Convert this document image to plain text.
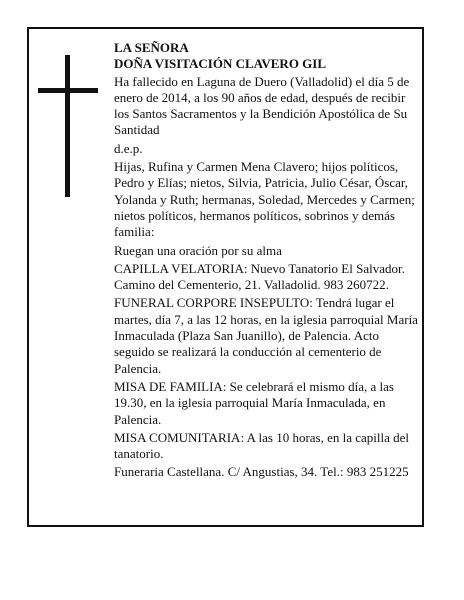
LA SEÑORA

DOÑA VISITACIÓN CLAVERO GIL

Ha fallecido en Laguna de Duero (Valladolid) el día 5 de enero de 2014, a los 90 años de edad, después de recibir los Santos Sacramentos y la Bendición Apostólica de Su Santidad

d.e.p.

Hijas, Rufina y Carmen Mena Clavero; hijos políticos, Pedro y Elías; nietos, Silvia, Patricia, Julio César, Óscar, Yolanda y Ruth; hermanas, Soledad, Mercedes y Carmen; nietos políticos, hermanos políticos, sobrinos y demás familia:

Ruegan una oración por su alma

CAPILLA VELATORIA: Nuevo Tanatorio El Salvador. Camino del Cementerio, 21. Valladolid. 983 260722.

FUNERAL CORPORE INSEPULTO: Tendrá lugar el martes, día 7, a las 12 horas, en la iglesia parroquial María Inmaculada (Plaza San Juanillo), de Palencia. Acto seguido se realizará la conducción al cementerio de Palencia.

MISA DE FAMILIA: Se celebrará el mismo día, a las 19.30, en la iglesia parroquial María Inmaculada, en Palencia.

MISA COMUNITARIA: A las 10 horas, en la capilla del tanatorio.

Funeraria Castellana. C/ Angustias, 34. Tel.: 983 251225
